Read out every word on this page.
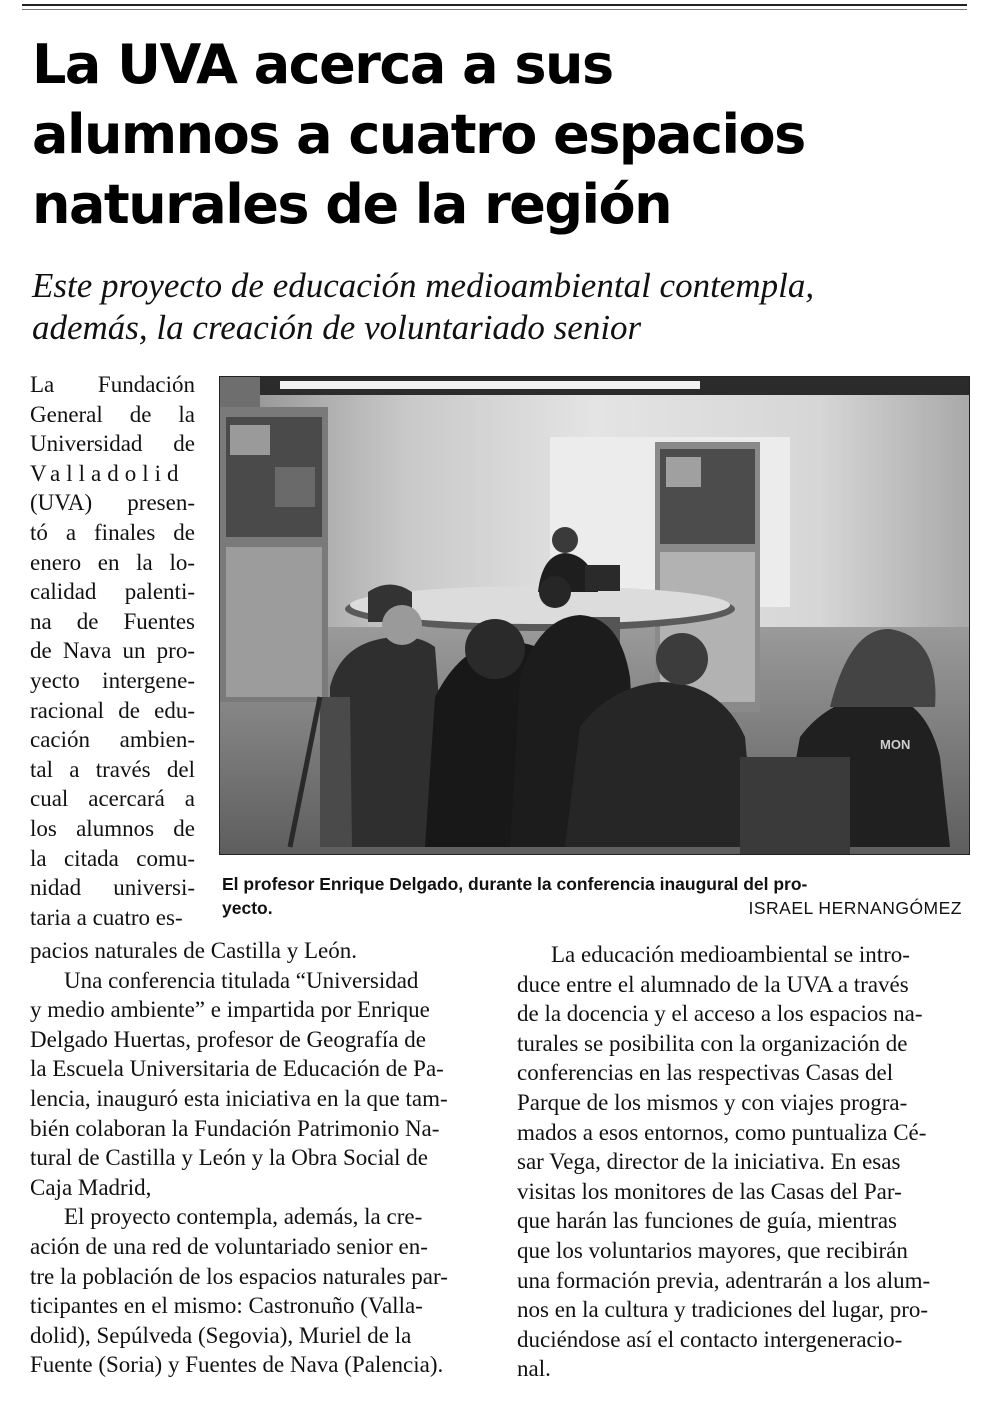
La UVA acerca a sus
alumnos a cuatro espacios
naturales de la región
Este proyecto de educación medioambiental contempla,
además, la creación de voluntariado senior
La Fundación
General de la
Universidad de
Valladolid
(UVA) presen-
tó a finales de
enero en la lo-
calidad palenti-
na de Fuentes
de Nava un pro-
yecto intergene-
racional de edu-
cación ambien-
tal a través del
cual acercará a
los alumnos de
la citada comu-
nidad universi-
taria a cuatro es-
MON
El profesor Enrique Delgado, durante la conferencia inaugural del pro-
yecto.	ISRAEL HERNANGÓMEZ
pacios naturales de Castilla y León.
Una conferencia titulada “Universidad
y medio ambiente” e impartida por Enrique
Delgado Huertas, profesor de Geografía de
la Escuela Universitaria de Educación de Pa-
lencia, inauguró esta iniciativa en la que tam-
bién colaboran la Fundación Patrimonio Na-
tural de Castilla y León y la Obra Social de
Caja Madrid,
El proyecto contempla, además, la cre-
ación de una red de voluntariado senior en-
tre la población de los espacios naturales par-
ticipantes en el mismo: Castronuño (Valla-
dolid), Sepúlveda (Segovia), Muriel de la
Fuente (Soria) y Fuentes de Nava (Palencia).
La educación medioambiental se intro-
duce entre el alumnado de la UVA a través
de la docencia y el acceso a los espacios na-
turales se posibilita con la organización de
conferencias en las respectivas Casas del
Parque de los mismos y con viajes progra-
mados a esos entornos, como puntualiza Cé-
sar Vega, director de la iniciativa. En esas
visitas los monitores de las Casas del Par-
que harán las funciones de guía, mientras
que los voluntarios mayores, que recibirán
una formación previa, adentrarán a los alum-
nos en la cultura y tradiciones del lugar, pro-
duciéndose así el contacto intergeneracio-
nal.
